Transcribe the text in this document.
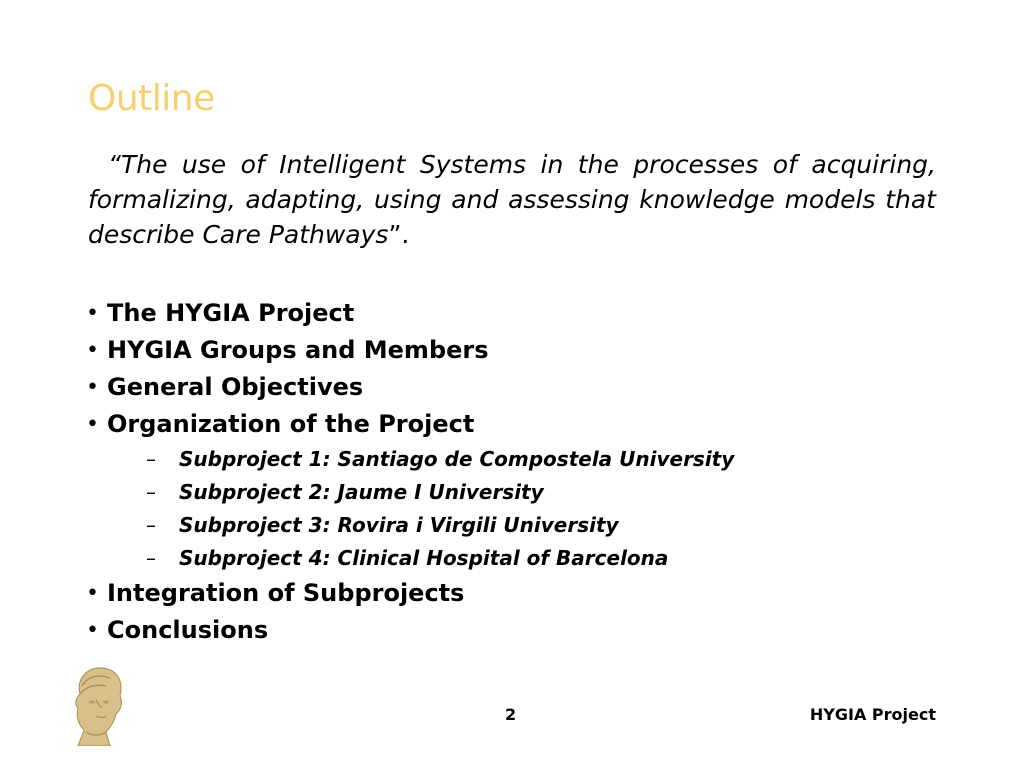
Outline
“The use of Intelligent Systems in the processes of acquiring, formalizing, adapting, using and assessing knowledge models that describe Care Pathways”.
• The HYGIA Project
• HYGIA Groups and Members
• General Objectives
• Organization of the Project
–	Subproject 1: Santiago de Compostela University
–	Subproject 2: Jaume I University
–	Subproject 3: Rovira i Virgili University
–	Subproject 4: Clinical Hospital of Barcelona
• Integration of Subprojects
• Conclusions
2	HYGIA Project
